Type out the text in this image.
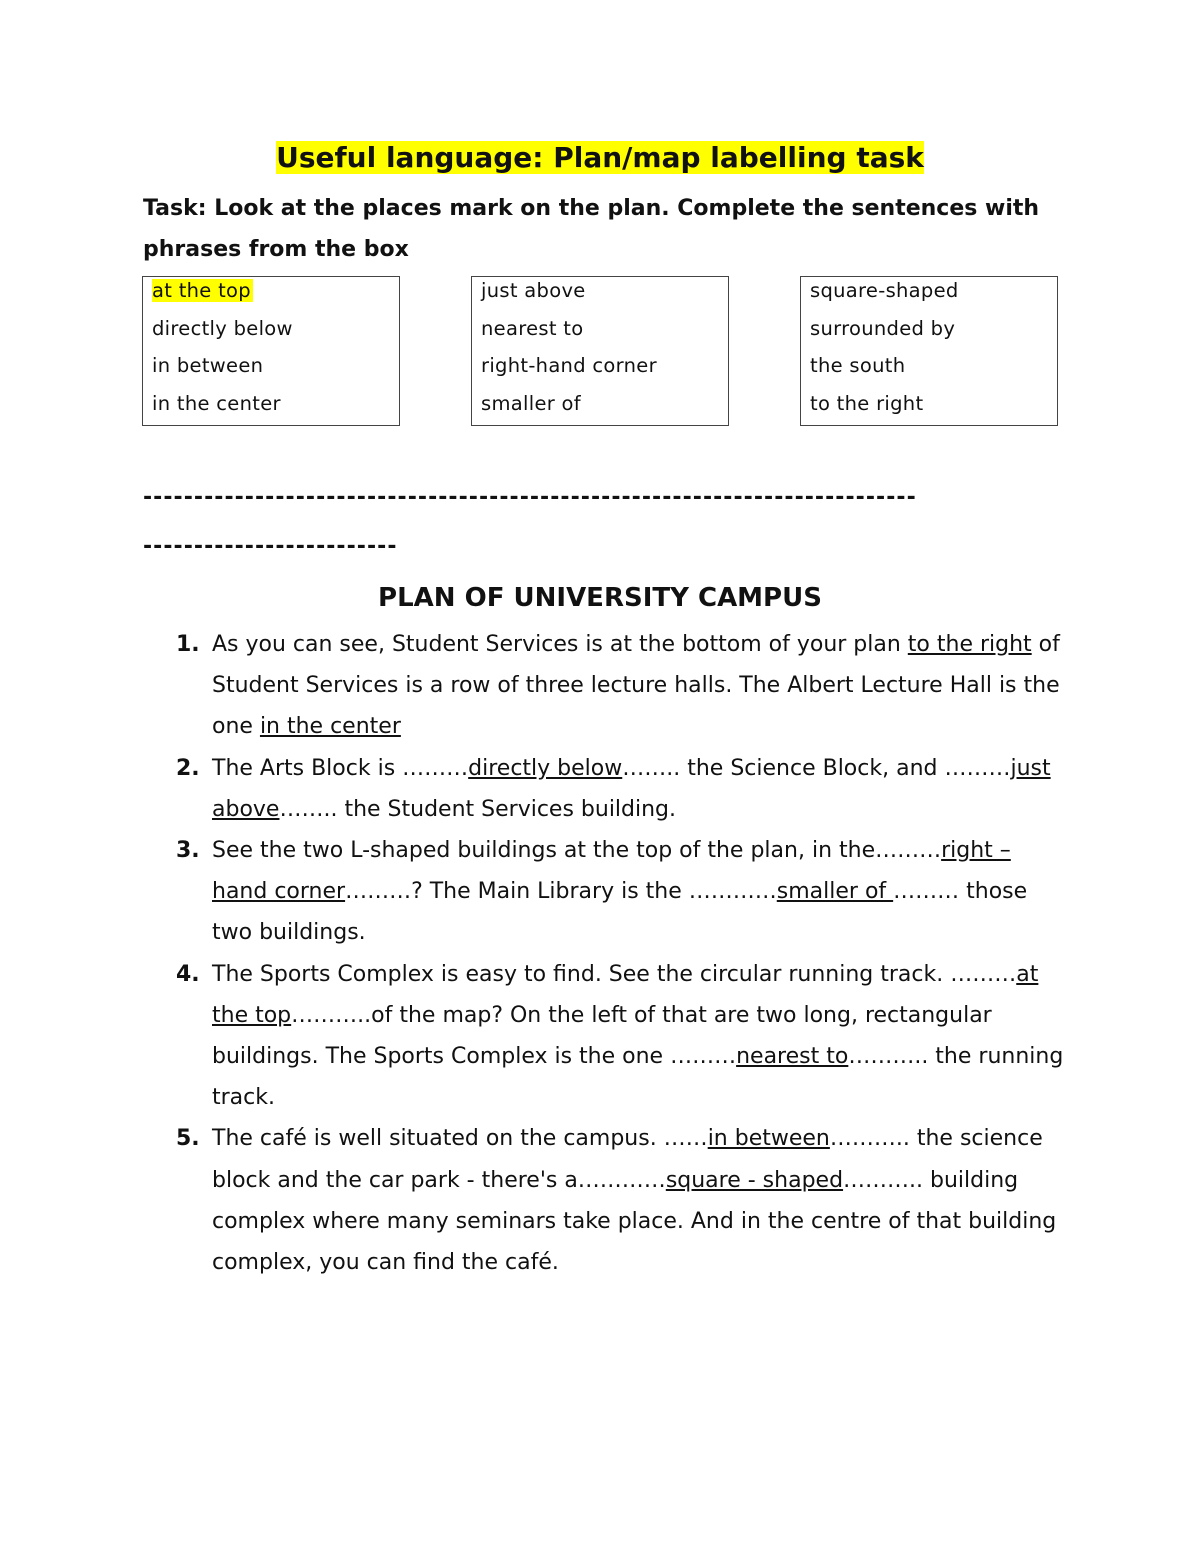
Useful language: Plan/map labelling task
Task: Look at the places mark on the plan. Complete the sentences with phrases from the box
at the top
directly below
in between
in the center
just above
nearest to
right-hand corner
smaller of
square-shaped
surrounded by
the south
to the right
----------------------------------------------------------------------------
-------------------------
PLAN OF UNIVERSITY CAMPUS
1. As you can see, Student Services is at the bottom of your plan to the right of Student Services is a row of three lecture halls. The Albert Lecture Hall is the one in the center
2. The Arts Block is ………directly below…….. the Science Block, and ………just above…….. the Student Services building.
3. See the two L-shaped buildings at the top of the plan, in the………right – hand corner………? The Main Library is the …………smaller of ……… those two buildings.
4. The Sports Complex is easy to find. See the circular running track. ………at the top………..of the map? On the left of that are two long, rectangular buildings. The Sports Complex is the one ………nearest to……….. the running track.
5. The café is well situated on the campus. ……in between……….. the science block and the car park - there's a…………square - shaped……….. building complex where many seminars take place. And in the centre of that building complex, you can find the café.
